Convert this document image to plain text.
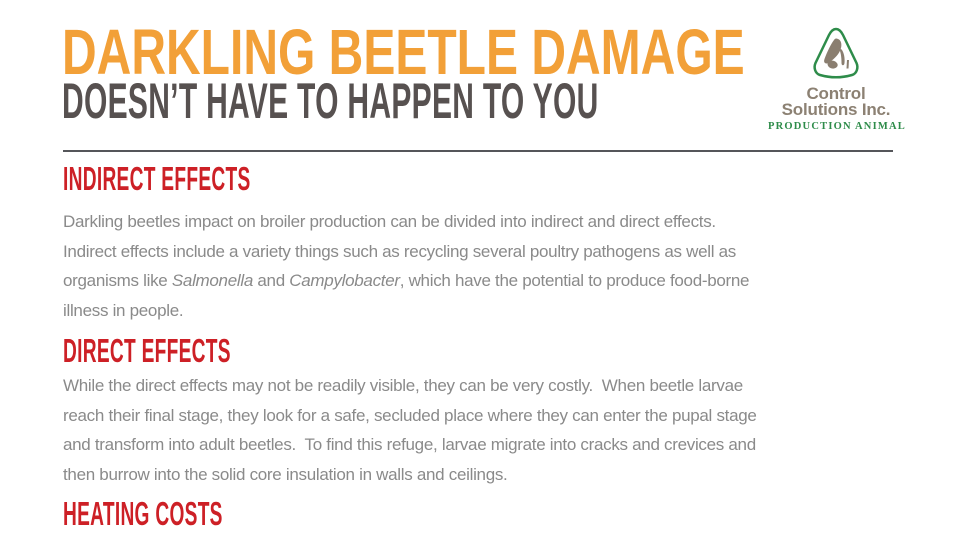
DARKLING BEETLE DAMAGE
DOESN’T HAVE TO HAPPEN TO YOU	Control
Solutions Inc.
PRODUCTION ANIMAL
INDIRECT EFFECTS
Darkling beetles impact on broiler production can be divided into indirect and direct effects.
Indirect effects include a variety things such as recycling several poultry pathogens as well as
organisms like Salmonella and Campylobacter, which have the potential to produce food-borne
illness in people.
DIRECT EFFECTS
While the direct effects may not be readily visible, they can be very costly.  When beetle larvae
reach their final stage, they look for a safe, secluded place where they can enter the pupal stage
and transform into adult beetles.  To find this refuge, larvae migrate into cracks and crevices and
then burrow into the solid core insulation in walls and ceilings.
HEATING COSTS
